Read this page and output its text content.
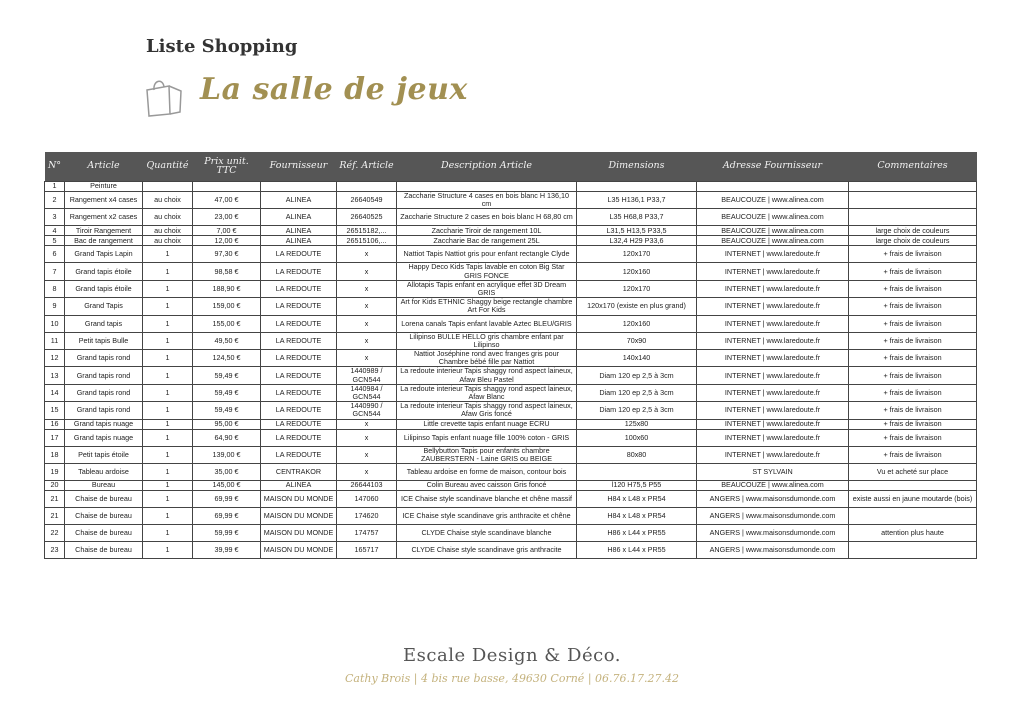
Liste Shopping
La salle de jeux
N°	Article	Quantité	Prix unit. TTC	Fournisseur	Réf. Article	Description Article	Dimensions	Adresse Fournisseur	Commentaires
1	Peinture								
2	Rangement x4 cases	au choix	47,00 €	ALINEA	26640549	Zaccharie Structure 4 cases en bois blanc H 136,10 cm	L35 H136,1 P33,7	BEAUCOUZE | www.alinea.com	
3	Rangement x2 cases	au choix	23,00 €	ALINEA	26640525	Zaccharie Structure 2 cases en bois blanc H 68,80 cm	L35 H68,8 P33,7	BEAUCOUZE | www.alinea.com	
4	Tiroir Rangement	au choix	7,00 €	ALINEA	26515182,...	Zaccharie Tiroir de rangement 10L	L31,5 H13,5 P33,5	BEAUCOUZE | www.alinea.com	large choix de couleurs
5	Bac de rangement	au choix	12,00 €	ALINEA	26515106,...	Zaccharie Bac de rangement 25L	L32,4 H29 P33,6	BEAUCOUZE | www.alinea.com	large choix de couleurs
6	Grand Tapis Lapin	1	97,30 €	LA REDOUTE	x	Nattiot Tapis Nattiot gris pour enfant rectangle Clyde	120x170	INTERNET | www.laredoute.fr	+ frais de livraison
7	Grand tapis étoile	1	98,58 €	LA REDOUTE	x	Happy Deco Kids Tapis lavable en coton Big Star GRIS FONCE	120x160	INTERNET | www.laredoute.fr	+ frais de livraison
8	Grand tapis étoile	1	188,90 €	LA REDOUTE	x	Allotapis Tapis enfant en acrylique effet 3D Dream GRIS	120x170	INTERNET | www.laredoute.fr	+ frais de livraison
9	Grand Tapis	1	159,00 €	LA REDOUTE	x	Art for Kids ETHNIC Shaggy beige rectangle chambre Art For Kids	120x170 (existe en plus grand)	INTERNET | www.laredoute.fr	+ frais de livraison
10	Grand tapis	1	155,00 €	LA REDOUTE	x	Lorena canals Tapis enfant lavable Aztec BLEU/GRIS	120x160	INTERNET | www.laredoute.fr	+ frais de livraison
11	Petit tapis Bulle	1	49,50 €	LA REDOUTE	x	Lilipinso BULLE HELLO gris chambre enfant par Lilipinso	70x90	INTERNET | www.laredoute.fr	+ frais de livraison
12	Grand tapis rond	1	124,50 €	LA REDOUTE	x	Nattiot Joséphine rond avec franges gris pour Chambre bébé fille par Nattiot	140x140	INTERNET | www.laredoute.fr	+ frais de livraison
13	Grand tapis rond	1	59,49 €	LA REDOUTE	1440989 / GCN544	La redoute interieur Tapis shaggy rond aspect laineux, Afaw Bleu Pastel	Diam 120 ep 2,5 à 3cm	INTERNET | www.laredoute.fr	+ frais de livraison
14	Grand tapis rond	1	59,49 €	LA REDOUTE	1440984 / GCN544	La redoute interieur Tapis shaggy rond aspect laineux, Afaw Blanc	Diam 120 ep 2,5 à 3cm	INTERNET | www.laredoute.fr	+ frais de livraison
15	Grand tapis rond	1	59,49 €	LA REDOUTE	1440990 / GCN544	La redoute interieur Tapis shaggy rond aspect laineux, Afaw Gris foncé	Diam 120 ep 2,5 à 3cm	INTERNET | www.laredoute.fr	+ frais de livraison
16	Grand tapis nuage	1	95,00 €	LA REDOUTE	x	Little crevette tapis enfant nuage ECRU	125x80	INTERNET | www.laredoute.fr	+ frais de livraison
17	Grand tapis nuage	1	64,90 €	LA REDOUTE	x	Lilipinso Tapis enfant nuage fille 100% coton - GRIS	100x60	INTERNET | www.laredoute.fr	+ frais de livraison
18	Petit tapis étoile	1	139,00 €	LA REDOUTE	x	Bellybutton Tapis pour enfants chambre ZAUBERSTERN - Laine GRIS ou BEIGE	80x80	INTERNET | www.laredoute.fr	+ frais de livraison
19	Tableau ardoise	1	35,00 €	CENTRAKOR	x	Tableau ardoise en forme de maison, contour bois		ST SYLVAIN	Vu et acheté sur place
20	Bureau	1	145,00 €	ALINEA	26644103	Colin Bureau avec caisson Gris foncé	l120 H75,5 P55	BEAUCOUZE | www.alinea.com	
21	Chaise de bureau	1	69,99 €	MAISON DU MONDE	147060	ICE Chaise style scandinave blanche et chêne massif	H84 x L48 x PR54	ANGERS | www.maisonsdumonde.com	existe aussi en jaune moutarde (bois)
21	Chaise de bureau	1	69,99 €	MAISON DU MONDE	174620	ICE Chaise style scandinave gris anthracite et chêne	H84 x L48 x PR54	ANGERS | www.maisonsdumonde.com	
22	Chaise de bureau	1	59,99 €	MAISON DU MONDE	174757	CLYDE Chaise style scandinave blanche	H86 x L44 x PR55	ANGERS | www.maisonsdumonde.com	attention plus haute
23	Chaise de bureau	1	39,99 €	MAISON DU MONDE	165717	CLYDE Chaise style scandinave gris anthracite	H86 x L44 x PR55	ANGERS | www.maisonsdumonde.com	
Escale Design & Déco.
Cathy Brois | 4 bis rue basse, 49630 Corné | 06.76.17.27.42
